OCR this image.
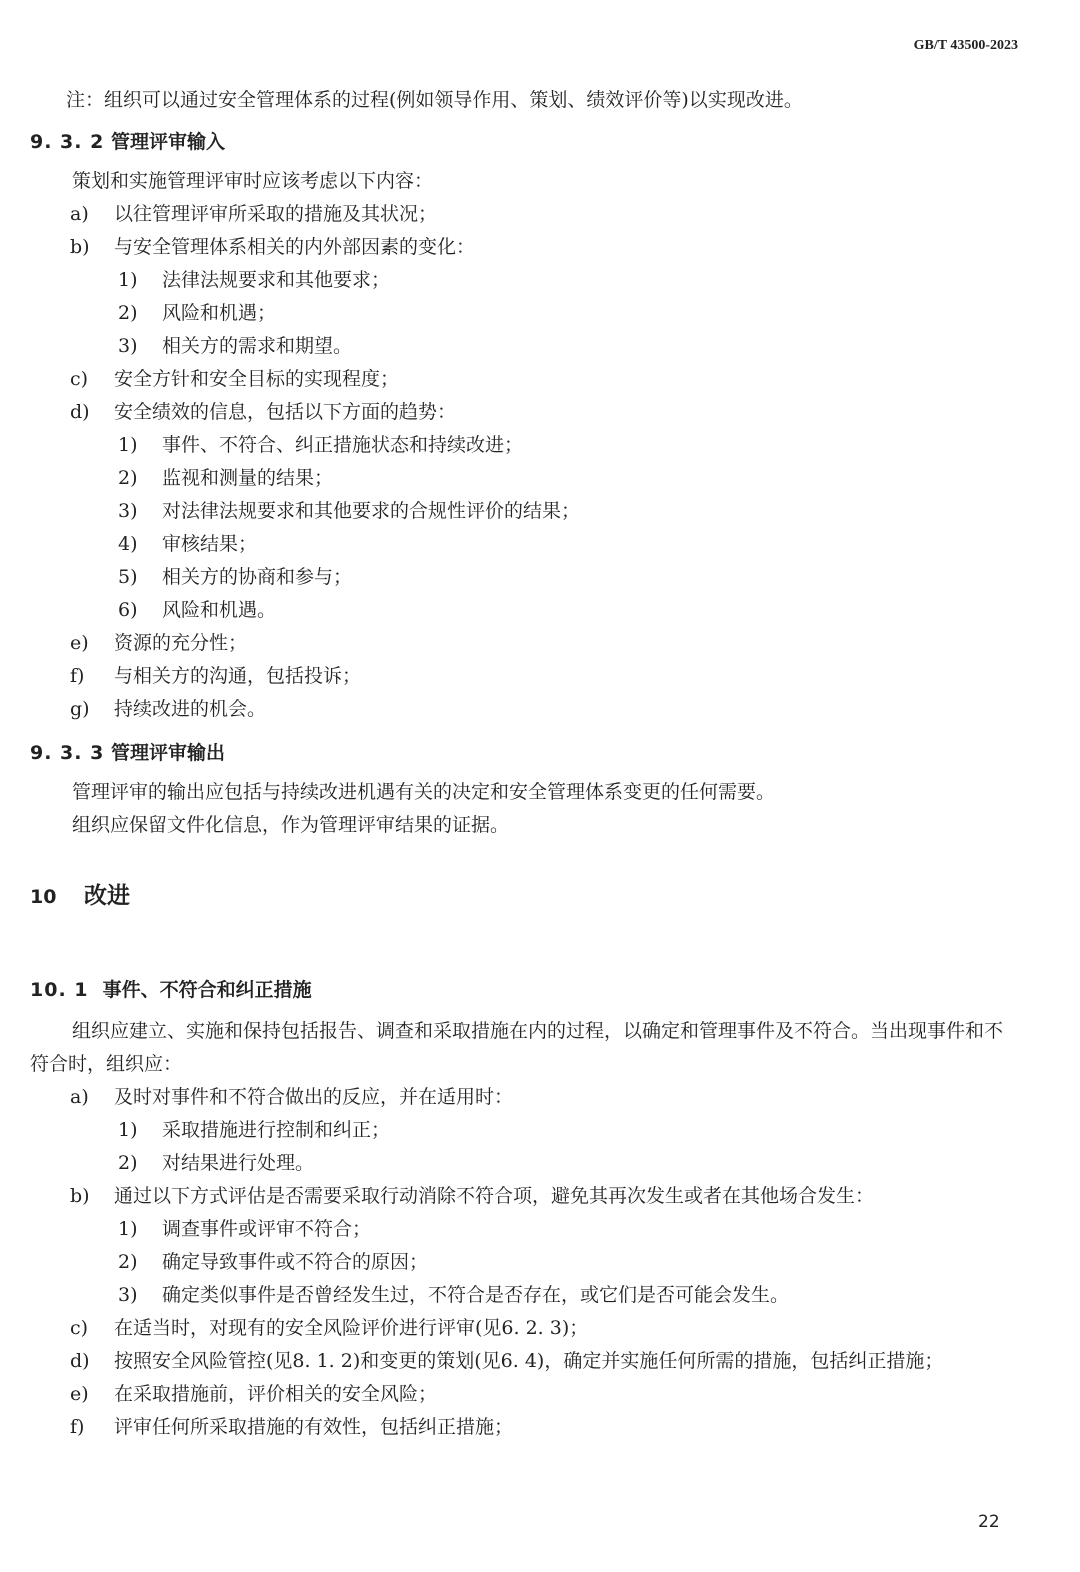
GB/T 43500-2023

注：组织可以通过安全管理体系的过程(例如领导作用、策划、绩效评价等)以实现改进。

9. 3. 2 管理评审输入

策划和实施管理评审时应该考虑以下内容：

a)	以往管理评审所采取的措施及其状况；
b)	与安全管理体系相关的内外部因素的变化：
1)	法律法规要求和其他要求；
2)	风险和机遇；
3)	相关方的需求和期望。
c)	安全方针和安全目标的实现程度；
d)	安全绩效的信息，包括以下方面的趋势：
1)	事件、不符合、纠正措施状态和持续改进；
2)	监视和测量的结果；
3)	对法律法规要求和其他要求的合规性评价的结果；
4)	审核结果；
5)	相关方的协商和参与；
6)	风险和机遇。
e)	资源的充分性；
f)	与相关方的沟通，包括投诉；
g)	持续改进的机会。
9. 3. 3 管理评审输出

管理评审的输出应包括与持续改进机遇有关的决定和安全管理体系变更的任何需要。

组织应保留文件化信息，作为管理评审结果的证据。

10 改进
10. 1 事件、不符合和纠正措施

组织应建立、实施和保持包括报告、调查和采取措施在内的过程，以确定和管理事件及不符合。当出现事件和不符合时，组织应：

a)	及时对事件和不符合做出的反应，并在适用时：
1)	采取措施进行控制和纠正；
2)	对结果进行处理。
b)	通过以下方式评估是否需要采取行动消除不符合项，避免其再次发生或者在其他场合发生：
1)	调查事件或评审不符合；
2)	确定导致事件或不符合的原因；
3)	确定类似事件是否曾经发生过，不符合是否存在，或它们是否可能会发生。
c)	在适当时，对现有的安全风险评价进行评审(见6. 2. 3)；
d)	按照安全风险管控(见8. 1. 2)和变更的策划(见6. 4)，确定并实施任何所需的措施，包括纠正措施；
e)	在采取措施前，评价相关的安全风险；
f)	评审任何所采取措施的有效性，包括纠正措施；
22
